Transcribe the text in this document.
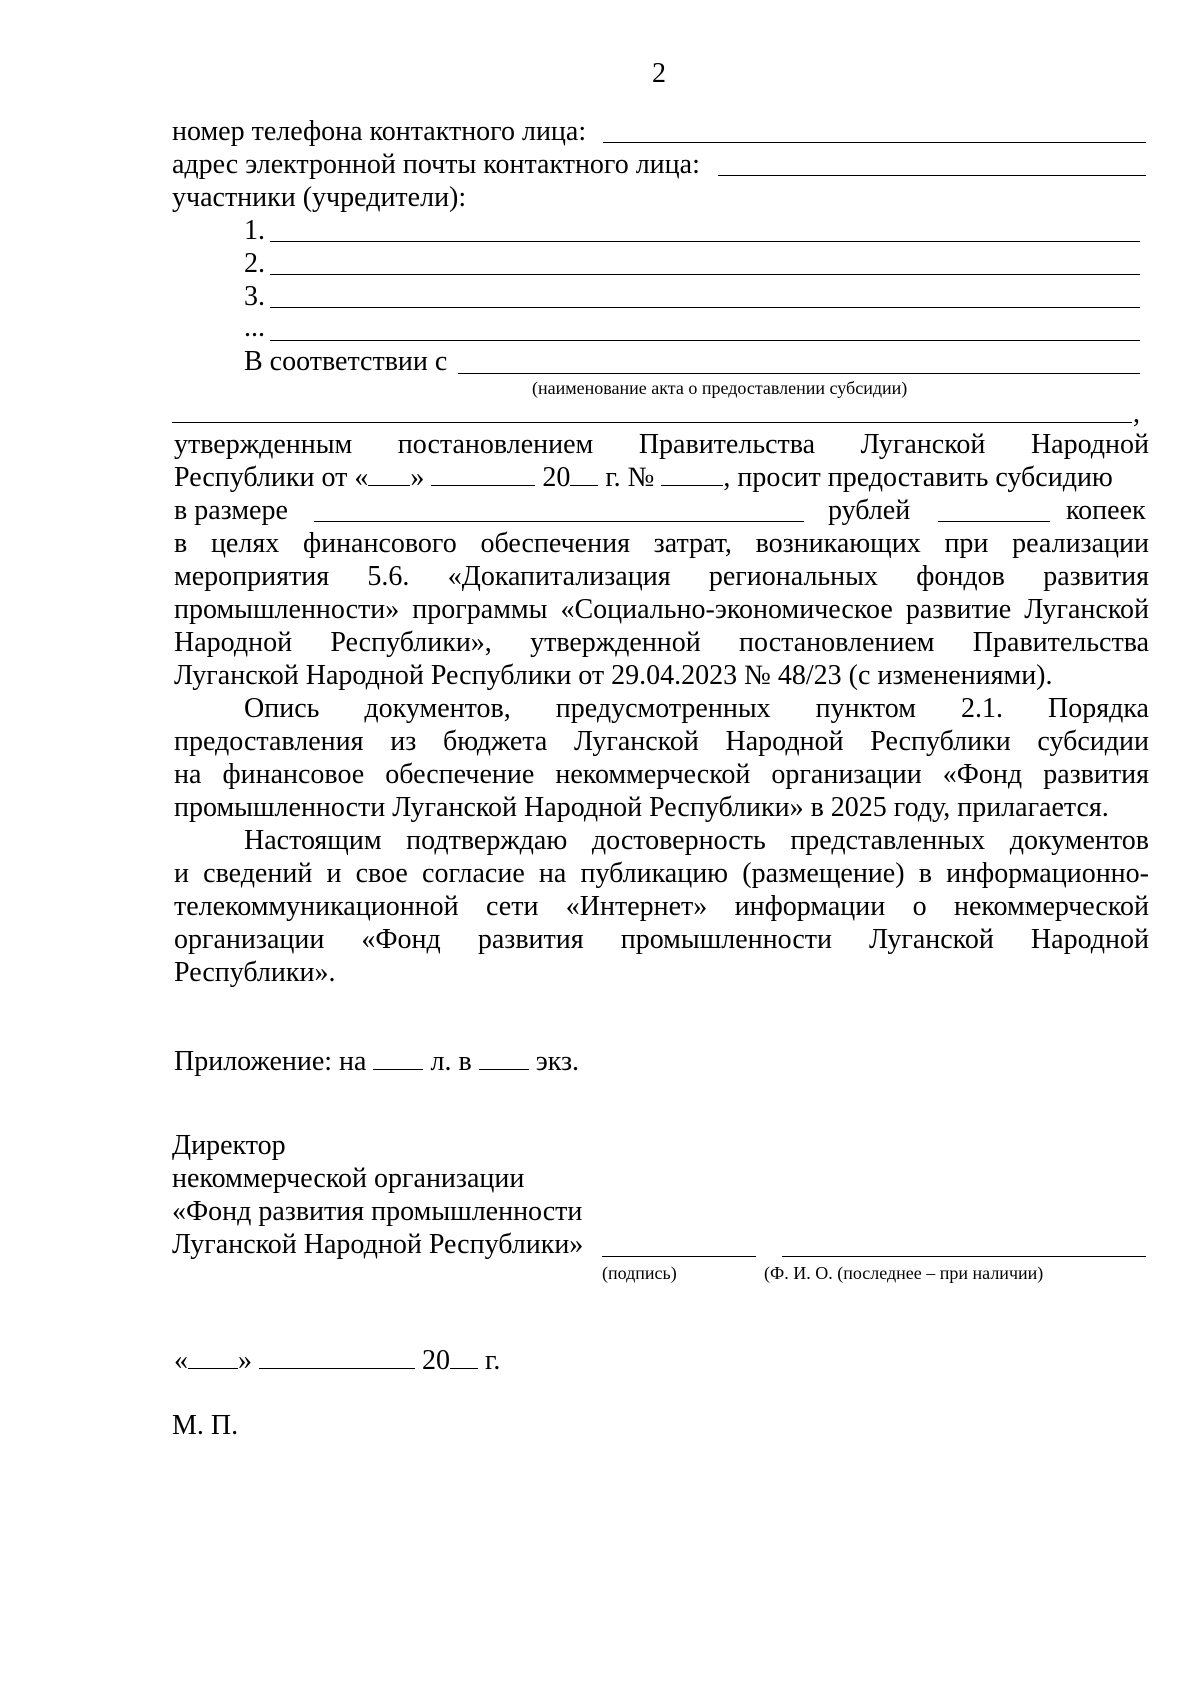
2
номер телефона контактного лица:
адрес электронной почты контактного лица:
участники (учредители):
1.
2.
3.
...
В соответствии с
(наименование акта о предоставлении субсидии)
,
утвержденным постановлением Правительства Луганской Народной
Республики от « »	20 г. № , просит предоставить субсидию
в размере	рублей	копеек
в целях финансового обеспечения затрат, возникающих при реализации
мероприятия 5.6. «Докапитализация региональных фондов развития
промышленности» программы «Социально-экономическое развитие Луганской
Народной Республики», утвержденной постановлением Правительства
Луганской Народной Республики от 29.04.2023 № 48/23 (с изменениями).
Опись документов, предусмотренных пунктом 2.1. Порядка
предоставления из бюджета Луганской Народной Республики субсидии
на финансовое обеспечение некоммерческой организации «Фонд развития
промышленности Луганской Народной Республики» в 2025 году, прилагается.
Настоящим подтверждаю достоверность представленных документов
и сведений и свое согласие на публикацию (размещение) в информационно-
телекоммуникационной сети «Интернет» информации о некоммерческой
организации «Фонд развития промышленности Луганской Народной
Республики».
Приложение: на л. в экз.
Директор
некоммерческой организации
«Фонд развития промышленности
Луганской Народной Республики»
(подпись)	(Ф. И. О. (последнее – при наличии)
« »	20 г.
М. П.
